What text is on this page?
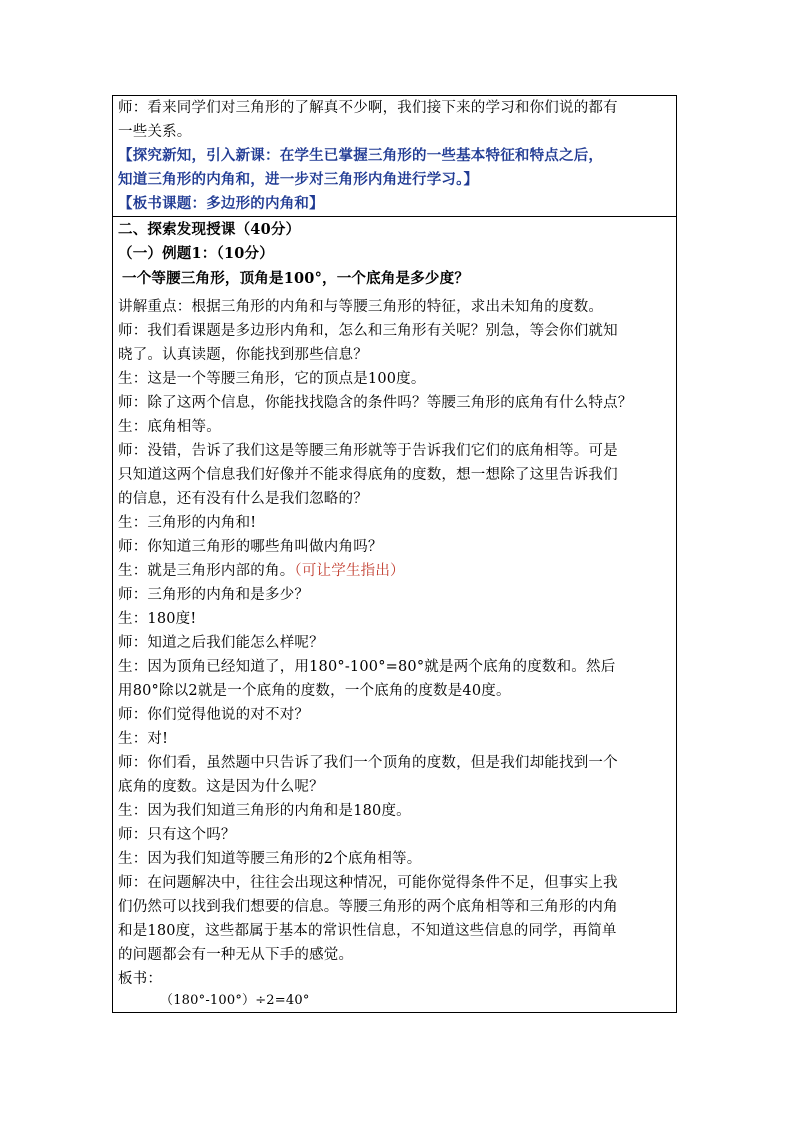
师：看来同学们对三角形的了解真不少啊，我们接下来的学习和你们说的都有
一些关系。
【探究新知，引入新课：在学生已掌握三角形的一些基本特征和特点之后，
知道三角形的内角和，进一步对三角形内角进行学习。】
【板书课题：多边形的内角和】
二、探索发现授课（40分）
（一）例题1：（10分）
一个等腰三角形，顶角是100°，一个底角是多少度？
讲解重点：根据三角形的内角和与等腰三角形的特征，求出未知角的度数。
师：我们看课题是多边形内角和，怎么和三角形有关呢？别急，等会你们就知
晓了。认真读题，你能找到那些信息？
生：这是一个等腰三角形，它的顶点是100度。
师：除了这两个信息，你能找找隐含的条件吗？等腰三角形的底角有什么特点？
生：底角相等。
师：没错，告诉了我们这是等腰三角形就等于告诉我们它们的底角相等。可是
只知道这两个信息我们好像并不能求得底角的度数，想一想除了这里告诉我们
的信息，还有没有什么是我们忽略的？
生：三角形的内角和!
师：你知道三角形的哪些角叫做内角吗？
生：就是三角形内部的角。（可让学生指出）
师：三角形的内角和是多少？
生：180度!
师：知道之后我们能怎么样呢？
生：因为顶角已经知道了，用180°-100°=80°就是两个底角的度数和。然后
用80°除以2就是一个底角的度数，一个底角的度数是40度。
师：你们觉得他说的对不对？
生：对!
师：你们看，虽然题中只告诉了我们一个顶角的度数，但是我们却能找到一个
底角的度数。这是因为什么呢？
生：因为我们知道三角形的内角和是180度。
师：只有这个吗？
生：因为我们知道等腰三角形的2个底角相等。
师：在问题解决中，往往会出现这种情况，可能你觉得条件不足，但事实上我
们仍然可以找到我们想要的信息。等腰三角形的两个底角相等和三角形的内角
和是180度，这些都属于基本的常识性信息，不知道这些信息的同学，再简单
的问题都会有一种无从下手的感觉。
板书：
（180°-100°）÷2=40°
